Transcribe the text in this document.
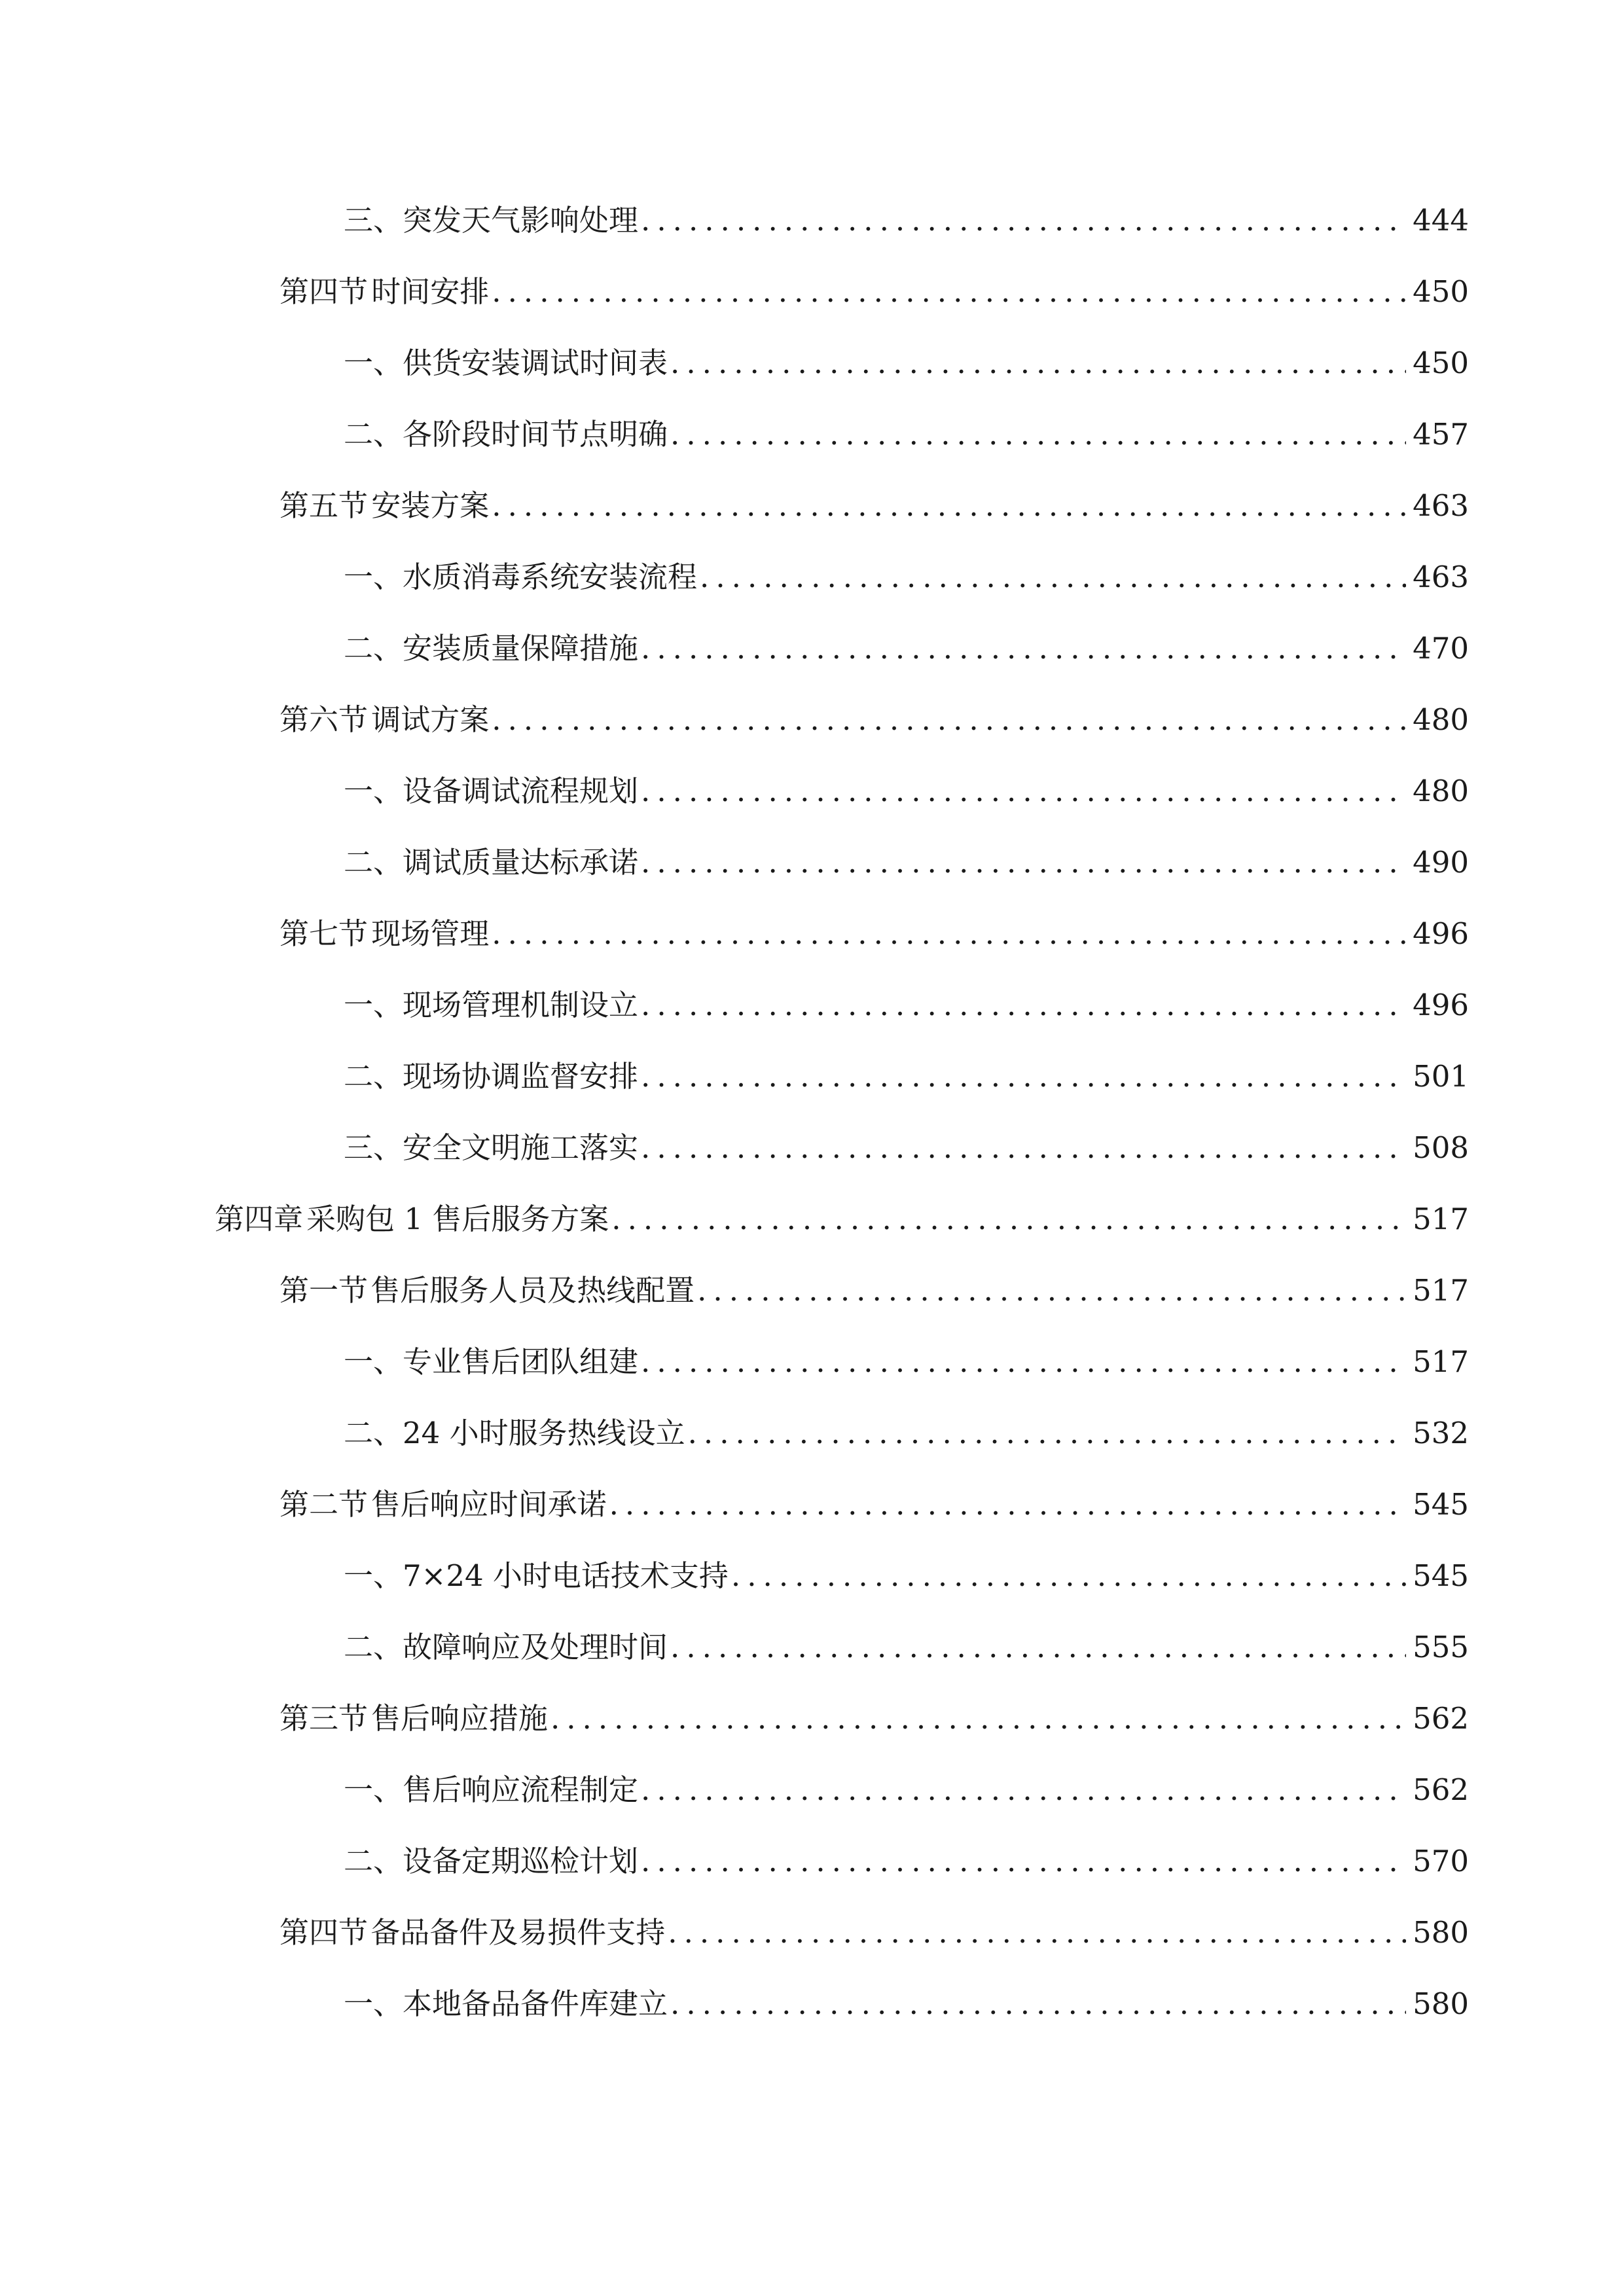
三、 突发天气影响处理 .....	444
第四节 时间安排 .....	450
一、 供货安装调试时间表 .....	450
二、 各阶段时间节点明确 .....	457
第五节 安装方案 .....	463
一、 水质消毒系统安装流程 .....	463
二、 安装质量保障措施 .....	470
第六节 调试方案 .....	480
一、 设备调试流程规划 .....	480
二、 调试质量达标承诺 .....	490
第七节 现场管理 .....	496
一、 现场管理机制设立 .....	496
二、 现场协调监督安排 .....	501
三、 安全文明施工落实 .....	508
第四章 采购包 1 售后服务方案 .....	517
第一节 售后服务人员及热线配置 .....	517
一、 专业售后团队组建 .....	517
二、 24 小时服务热线设立 .....	532
第二节 售后响应时间承诺 .....	545
一、 7×24 小时电话技术支持 .....	545
二、 故障响应及处理时间 .....	555
第三节 售后响应措施 .....	562
一、 售后响应流程制定 .....	562
二、 设备定期巡检计划 .....	570
第四节 备品备件及易损件支持 .....	580
一、 本地备品备件库建立 .....	580
